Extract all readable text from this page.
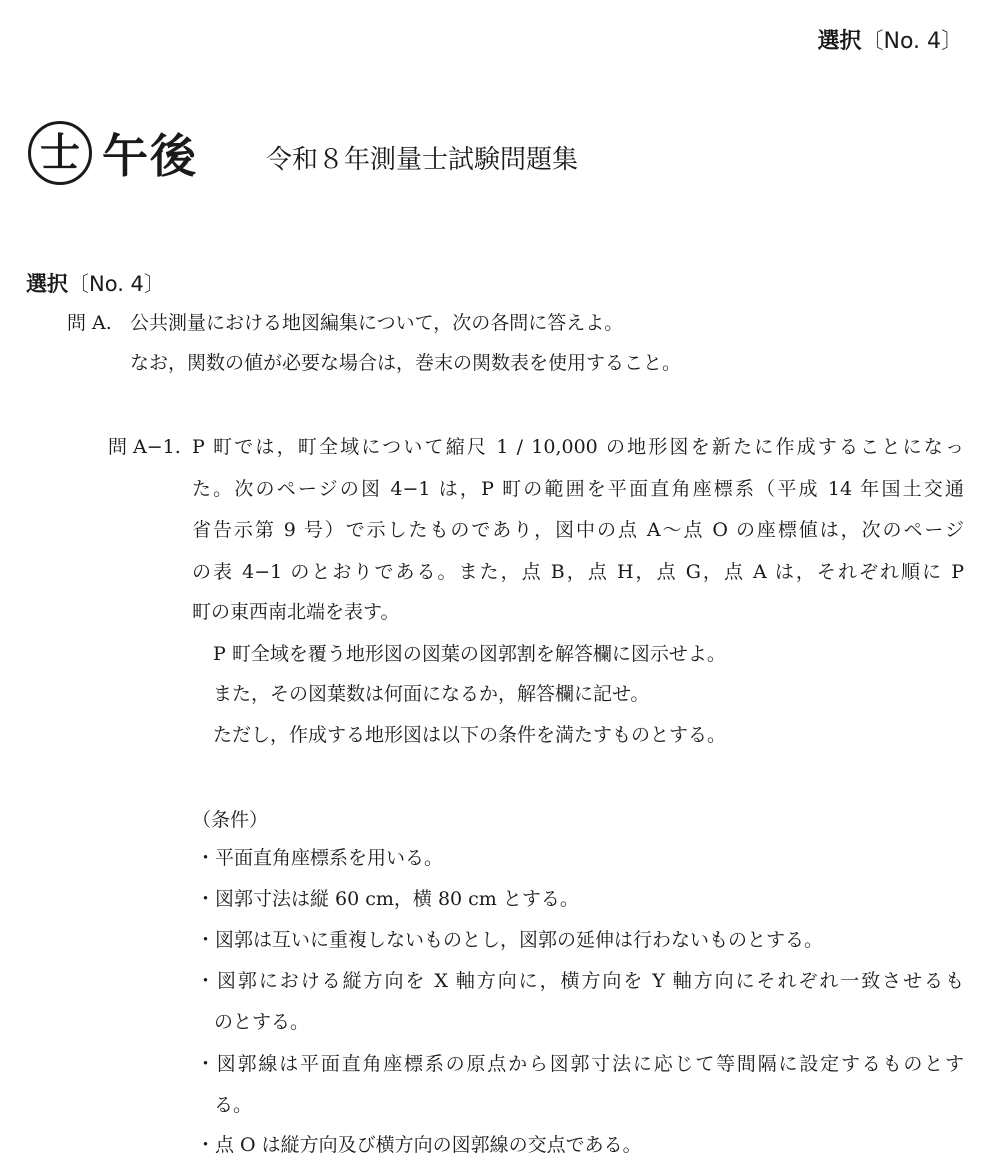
選択〔No. 4〕
士 午後	令和８年測量士試験問題集
選択〔No. 4〕
問 A. 公共測量における地図編集について，次の各問に答えよ。
なお，関数の値が必要な場合は，巻末の関数表を使用すること。
問 A−1. P 町では，町全域について縮尺 1 / 10,000 の地形図を新たに作成することになっ
た。次のページの図 4−1 は，P 町の範囲を平面直角座標系（平成 14 年国土交通
省告示第 9 号）で示したものであり，図中の点 A〜点 O の座標値は，次のページ
の表 4−1 のとおりである。また，点 B，点 H，点 G，点 A は，それぞれ順に P
町の東西南北端を表す。
P 町全域を覆う地形図の図葉の図郭割を解答欄に図示せよ。
また，その図葉数は何面になるか，解答欄に記せ。
ただし，作成する地形図は以下の条件を満たすものとする。
（条件）
・平面直角座標系を用いる。
・図郭寸法は縦 60 cm，横 80 cm とする。
・図郭は互いに重複しないものとし，図郭の延伸は行わないものとする。
・図郭における縦方向を X 軸方向に，横方向を Y 軸方向にそれぞれ一致させるも
のとする。
・図郭線は平面直角座標系の原点から図郭寸法に応じて等間隔に設定するものとす
る。
・点 O は縦方向及び横方向の図郭線の交点である。
